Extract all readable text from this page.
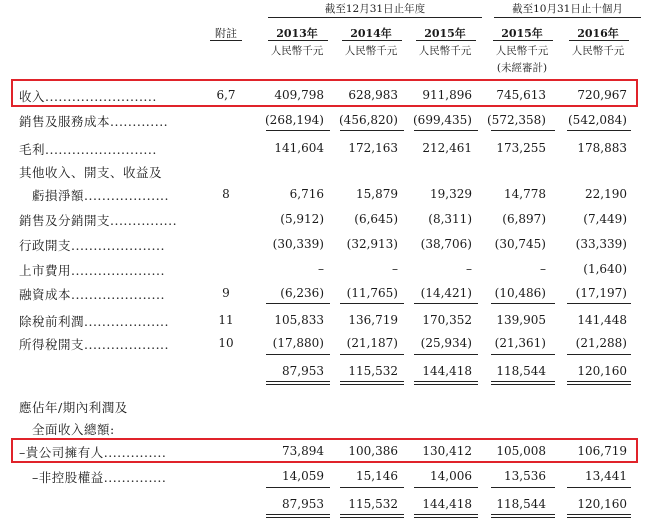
截至12月31日止年度	截至10月31日止十個月
附註	2013年	2014年	2015年	2015年	2016年
人民幣千元	人民幣千元	人民幣千元	人民幣千元	人民幣千元
(未經審計)
收入.........................	6,7	409,798	628,983	911,896	745,613	720,967
銷售及服務成本.............	(268,194)	(456,820)	(699,435)	(572,358)	(542,084)
毛利.........................	141,604	172,163	212,461	173,255	178,883
其他收入、開支、收益及
　虧損淨額...................	8	6,716	15,879	19,329	14,778	22,190
銷售及分銷開支...............	(5,912)	(6,645)	(8,311)	(6,897)	(7,449)
行政開支.....................	(30,339)	(32,913)	(38,706)	(30,745)	(33,339)
上市費用.....................	–	–	–	–	(1,640)
融資成本.....................	9	(6,236)	(11,765)	(14,421)	(10,486)	(17,197)
除稅前利潤...................	11	105,833	136,719	170,352	139,905	141,448
所得稅開支...................	10	(17,880)	(21,187)	(25,934)	(21,361)	(21,288)
87,953	115,532	144,418	118,544	120,160
應佔年/期內利潤及
　全面收入總額:
–貴公司擁有人..............	73,894	100,386	130,412	105,008	106,719
　–非控股權益..............	14,059	15,146	14,006	13,536	13,441
87,953	115,532	144,418	118,544	120,160
